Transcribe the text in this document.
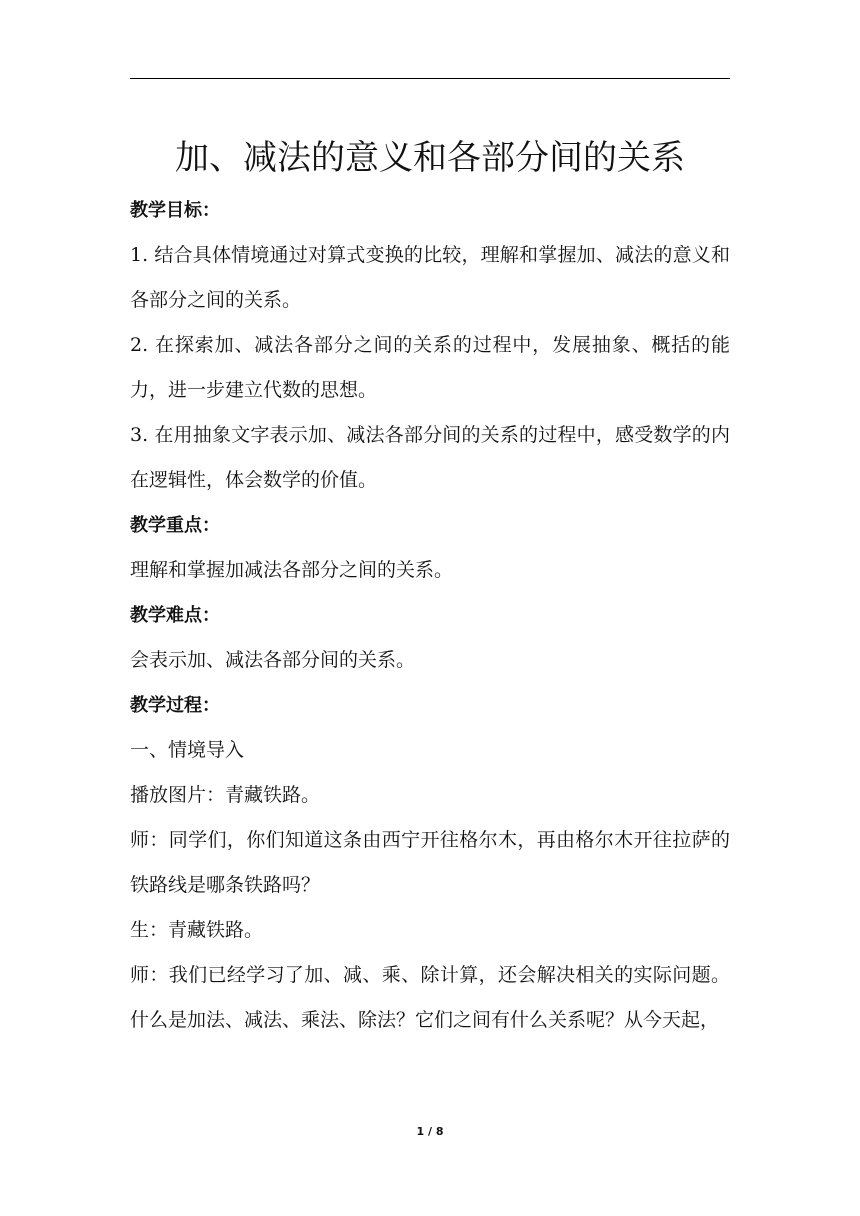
加、减法的意义和各部分间的关系

教学目标：

1. 结合具体情境通过对算式变换的比较，理解和掌握加、减法的意义和各部分之间的关系。

2. 在探索加、减法各部分之间的关系的过程中，发展抽象、概括的能力，进一步建立代数的思想。

3. 在用抽象文字表示加、减法各部分间的关系的过程中，感受数学的内在逻辑性，体会数学的价值。

教学重点：

理解和掌握加减法各部分之间的关系。

教学难点：

会表示加、减法各部分间的关系。

教学过程：

一、情境导入

播放图片：青藏铁路。

师：同学们，你们知道这条由西宁开往格尔木，再由格尔木开往拉萨的铁路线是哪条铁路吗？

生：青藏铁路。

师：我们已经学习了加、减、乘、除计算，还会解决相关的实际问题。什么是加法、减法、乘法、除法？它们之间有什么关系呢？从今天起，

1 / 8
